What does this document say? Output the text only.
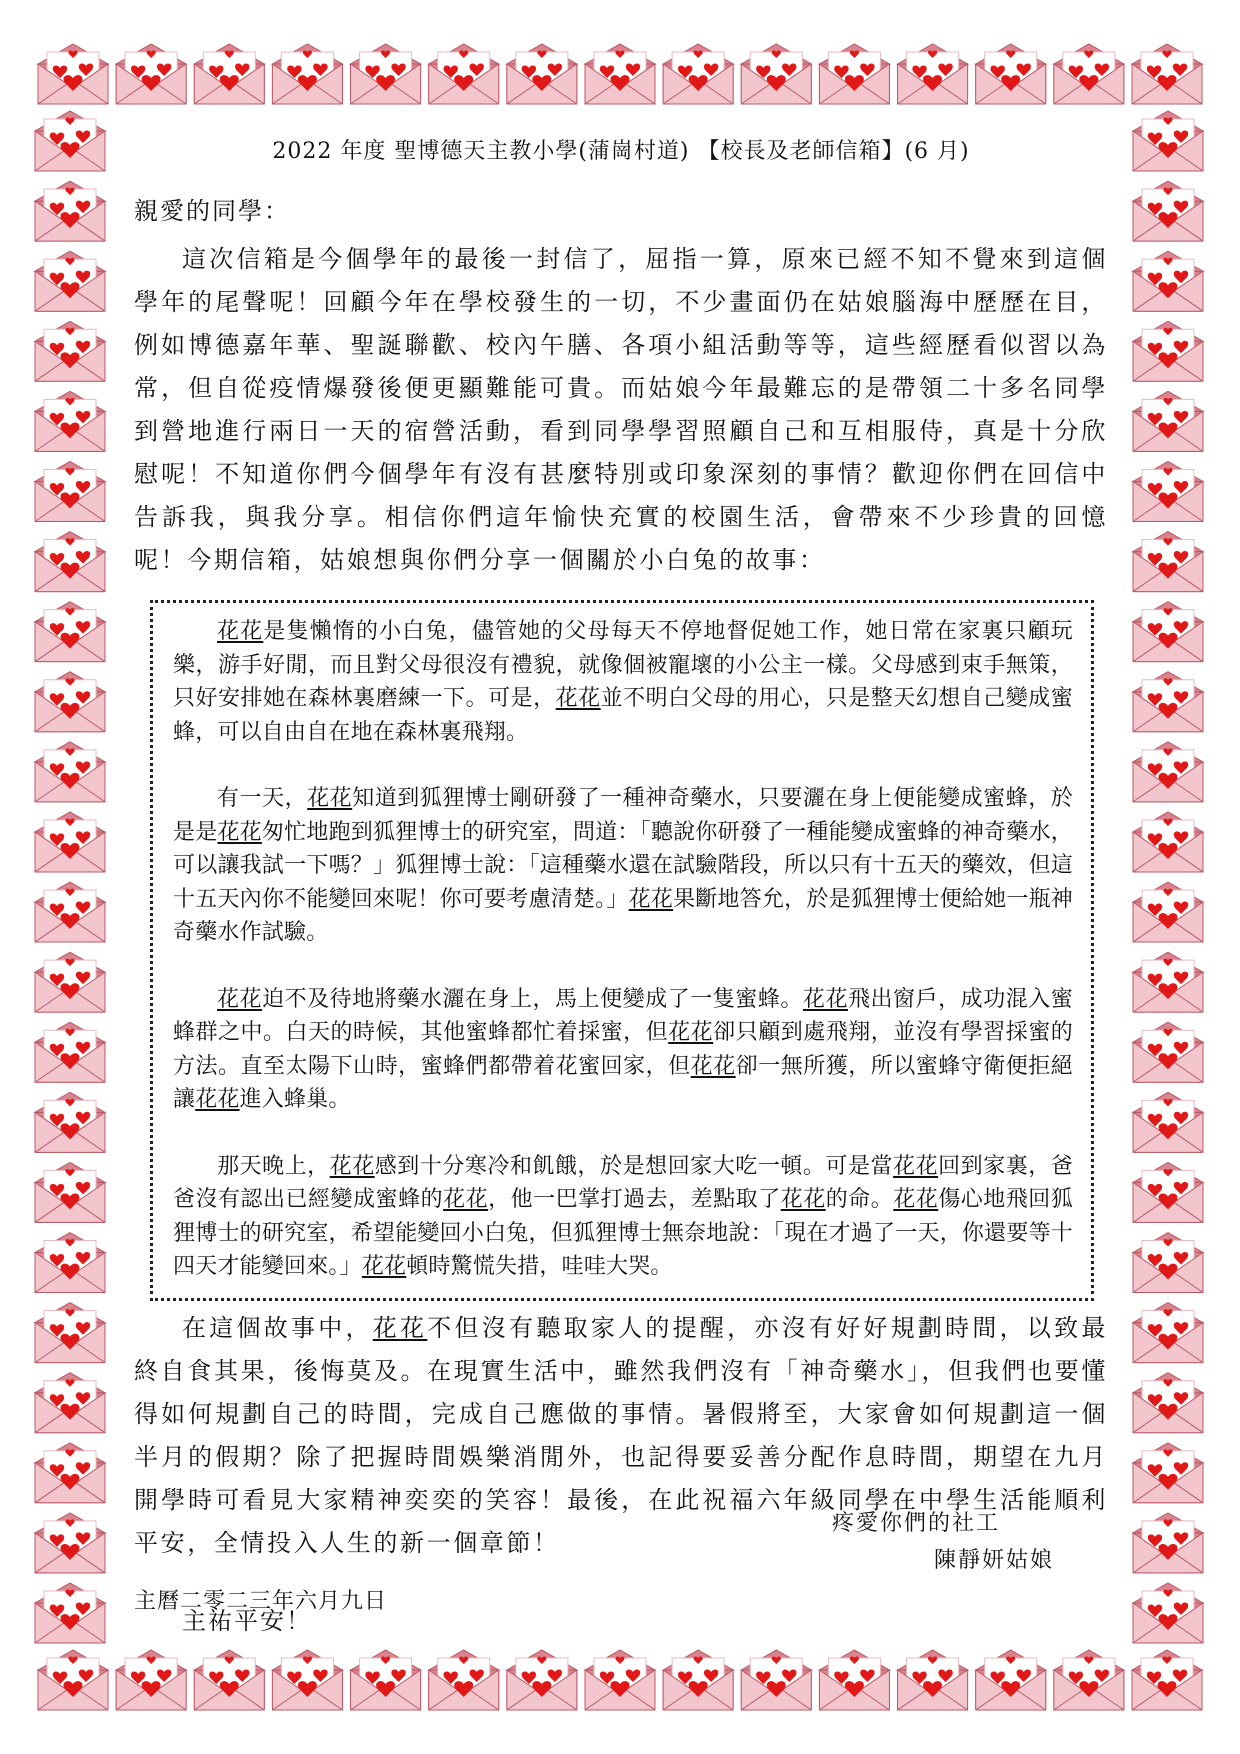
2022 年度 聖博德天主教小學(蒲崗村道) 【校長及老師信箱】(6 月)
親愛的同學：

這次信箱是今個學年的最後一封信了，屈指一算，原來已經不知不覺來到這個學年的尾聲呢！回顧今年在學校發生的一切，不少畫面仍在姑娘腦海中歷歷在目，例如博德嘉年華、聖誕聯歡、校內午膳、各項小組活動等等，這些經歷看似習以為常，但自從疫情爆發後便更顯難能可貴。而姑娘今年最難忘的是帶領二十多名同學到營地進行兩日一天的宿營活動，看到同學學習照顧自己和互相服侍，真是十分欣慰呢！不知道你們今個學年有沒有甚麼特別或印象深刻的事情？歡迎你們在回信中告訴我，與我分享。相信你們這年愉快充實的校園生活，會帶來不少珍貴的回憶呢！今期信箱，姑娘想與你們分享一個關於小白兔的故事：

花花是隻懶惰的小白兔，儘管她的父母每天不停地督促她工作，她日常在家裏只顧玩樂，游手好閒，而且對父母很沒有禮貌，就像個被寵壞的小公主一樣。父母感到束手無策，只好安排她在森林裏磨練一下。可是，花花並不明白父母的用心，只是整天幻想自己變成蜜蜂，可以自由自在地在森林裏飛翔。

有一天，花花知道到狐狸博士剛研發了一種神奇藥水，只要灑在身上便能變成蜜蜂，於是是花花匆忙地跑到狐狸博士的研究室，問道：「聽說你研發了一種能變成蜜蜂的神奇藥水，可以讓我試一下嗎？」狐狸博士說：「這種藥水還在試驗階段，所以只有十五天的藥效，但這十五天內你不能變回來呢！你可要考慮清楚。」花花果斷地答允，於是狐狸博士便給她一瓶神奇藥水作試驗。

花花迫不及待地將藥水灑在身上，馬上便變成了一隻蜜蜂。花花飛出窗戶，成功混入蜜蜂群之中。白天的時候，其他蜜蜂都忙着採蜜，但花花卻只顧到處飛翔，並沒有學習採蜜的方法。直至太陽下山時，蜜蜂們都帶着花蜜回家，但花花卻一無所獲，所以蜜蜂守衛便拒絕讓花花進入蜂巢。

那天晚上，花花感到十分寒冷和飢餓，於是想回家大吃一頓。可是當花花回到家裏，爸爸沒有認出已經變成蜜蜂的花花，他一巴掌打過去，差點取了花花的命。花花傷心地飛回狐狸博士的研究室，希望能變回小白兔，但狐狸博士無奈地說：「現在才過了一天，你還要等十四天才能變回來。」花花頓時驚慌失措，哇哇大哭。

在這個故事中，花花不但沒有聽取家人的提醒，亦沒有好好規劃時間，以致最終自食其果，後悔莫及。在現實生活中，雖然我們沒有「神奇藥水」，但我們也要懂得如何規劃自己的時間，完成自己應做的事情。暑假將至，大家會如何規劃這一個半月的假期？除了把握時間娛樂消閒外，也記得要妥善分配作息時間，期望在九月開學時可看見大家精神奕奕的笑容！最後，在此祝福六年級同學在中學生活能順利平安，全情投入人生的新一個章節！

主祐平安！
疼愛你們的社工
陳靜妍姑娘
主曆二零二三年六月九日
